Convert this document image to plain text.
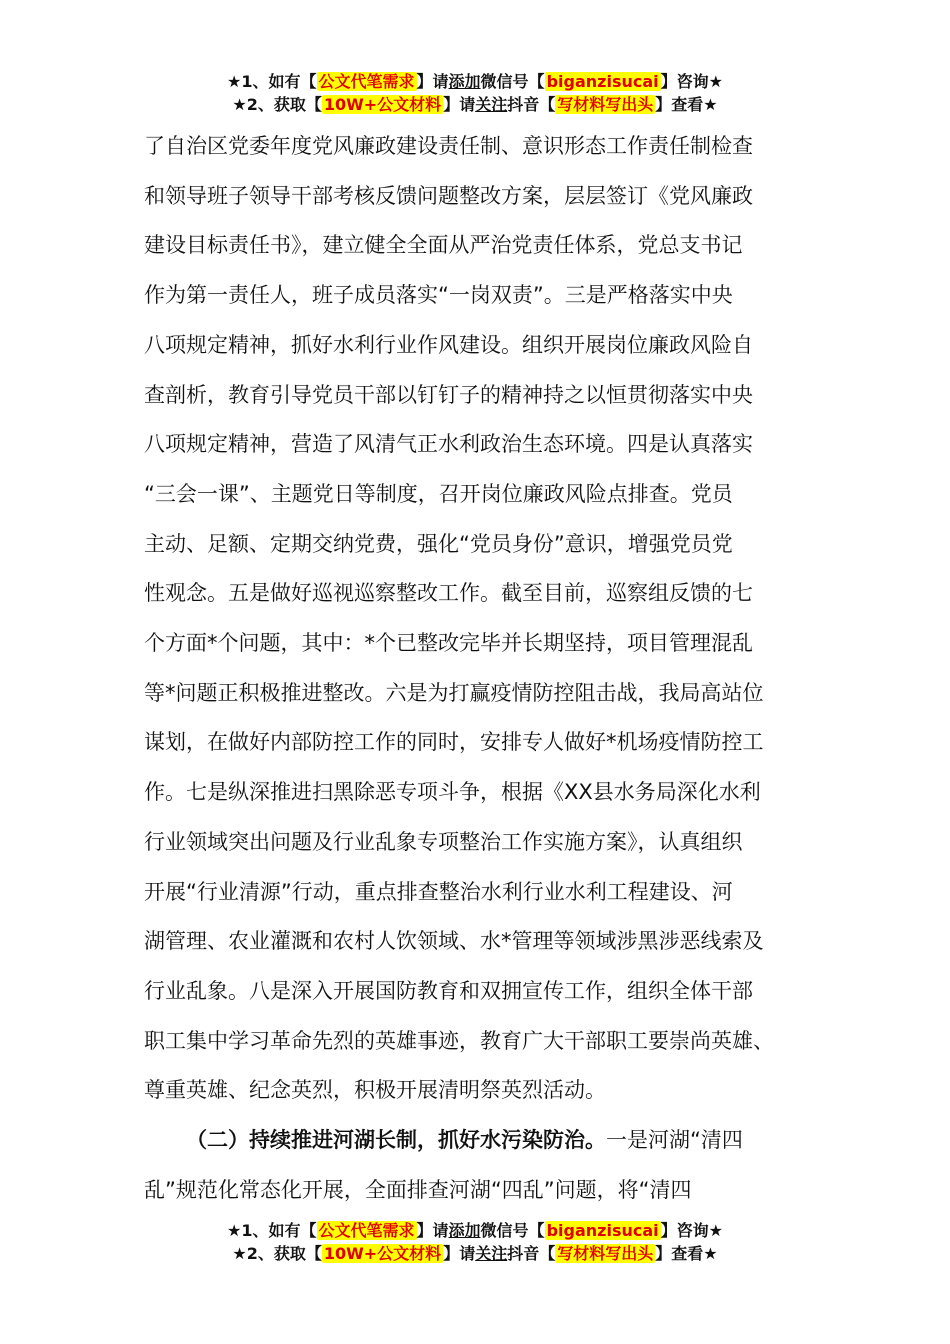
★1、如有【 公文代笔需求 】请添加微信号【 biganzisucai 】咨询★
★2、获取【 10W+公文材料 】请关注抖音【 写材料写出头 】查看★

了自治区党委年度党风廉政建设责任制、意识形态工作责任制检查
和领导班子领导干部考核反馈问题整改方案，层层签订《党风廉政
建设目标责任书》，建立健全全面从严治党责任体系，党总支书记
作为第一责任人，班子成员落实“一岗双责”。三是严格落实中央
八项规定精神，抓好水利行业作风建设。组织开展岗位廉政风险自
查剖析，教育引导党员干部以钉钉子的精神持之以恒贯彻落实中央
八项规定精神，营造了风清气正水利政治生态环境。四是认真落实
“三会一课”、主题党日等制度，召开岗位廉政风险点排查。党员
主动、足额、定期交纳党费，强化“党员身份”意识，增强党员党
性观念。五是做好巡视巡察整改工作。截至目前，巡察组反馈的七
个方面*个问题，其中：*个已整改完毕并长期坚持，项目管理混乱
等*问题正积极推进整改。六是为打赢疫情防控阻击战，我局高站位
谋划，在做好内部防控工作的同时，安排专人做好*机场疫情防控工
作。七是纵深推进扫黑除恶专项斗争，根据《XX县水务局深化水利
行业领域突出问题及行业乱象专项整治工作实施方案》，认真组织
开展“行业清源”行动，重点排查整治水利行业水利工程建设、河
湖管理、农业灌溉和农村人饮领域、水*管理等领域涉黑涉恶线索及
行业乱象。八是深入开展国防教育和双拥宣传工作，组织全体干部
职工集中学习革命先烈的英雄事迹，教育广大干部职工要崇尚英雄、
尊重英雄、纪念英烈，积极开展清明祭英烈活动。

（二）持续推进河湖长制，抓好水污染防治。一是河湖“清四
乱”规范化常态化开展，全面排查河湖“四乱”问题，将“清四

★1、如有【 公文代笔需求 】请添加微信号【 biganzisucai 】咨询★
★2、获取【 10W+公文材料 】请关注抖音【 写材料写出头 】查看★
